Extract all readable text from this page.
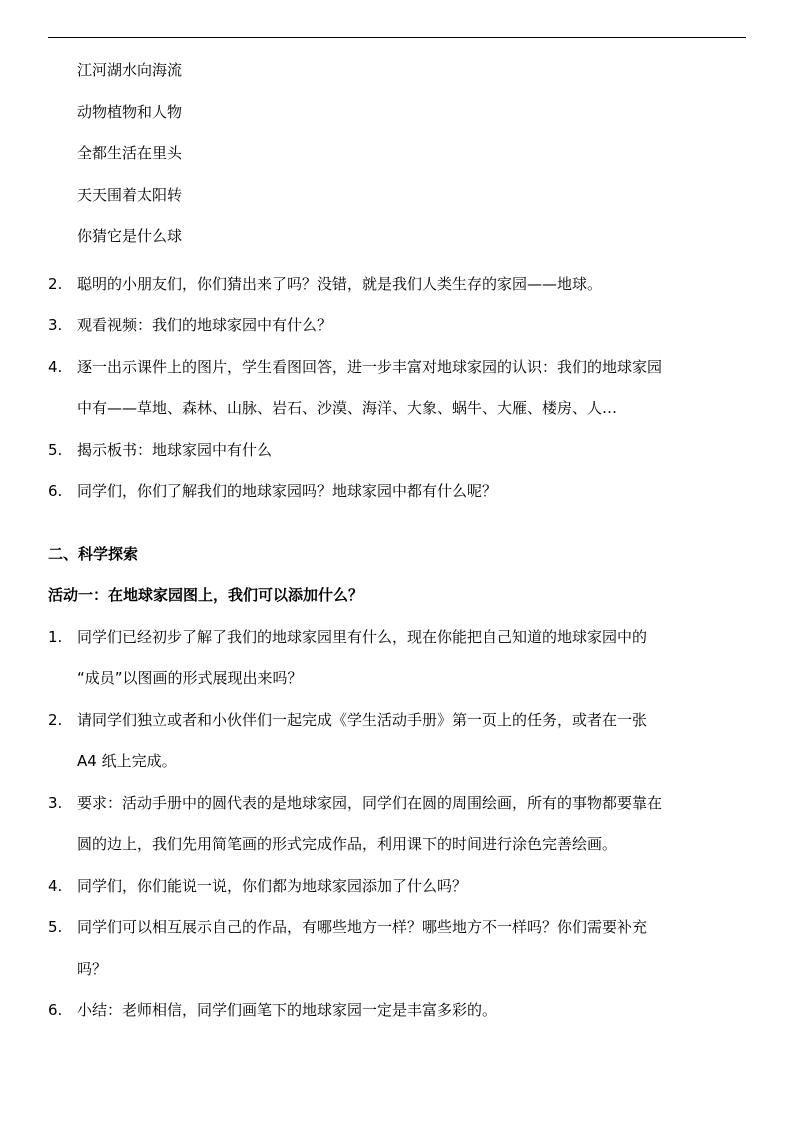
江河湖水向海流
动物植物和人物
全都生活在里头
天天围着太阳转
你猜它是什么球
2. 聪明的小朋友们，你们猜出来了吗？没错，就是我们人类生存的家园——地球。
3. 观看视频：我们的地球家园中有什么？
4. 逐一出示课件上的图片，学生看图回答，进一步丰富对地球家园的认识：我们的地球家园
中有——草地、森林、山脉、岩石、沙漠、海洋、大象、蜗牛、大雁、楼房、人…
5. 揭示板书：地球家园中有什么
6. 同学们，你们了解我们的地球家园吗？地球家园中都有什么呢？
二、科学探索
活动一：在地球家园图上，我们可以添加什么？
1. 同学们已经初步了解了我们的地球家园里有什么，现在你能把自己知道的地球家园中的
“成员”以图画的形式展现出来吗？
2. 请同学们独立或者和小伙伴们一起完成《学生活动手册》第一页上的任务，或者在一张
A4 纸上完成。
3. 要求：活动手册中的圆代表的是地球家园，同学们在圆的周围绘画，所有的事物都要靠在
圆的边上，我们先用简笔画的形式完成作品，利用课下的时间进行涂色完善绘画。
4. 同学们，你们能说一说，你们都为地球家园添加了什么吗？
5. 同学们可以相互展示自己的作品，有哪些地方一样？哪些地方不一样吗？你们需要补充
吗？
6. 小结：老师相信，同学们画笔下的地球家园一定是丰富多彩的。
